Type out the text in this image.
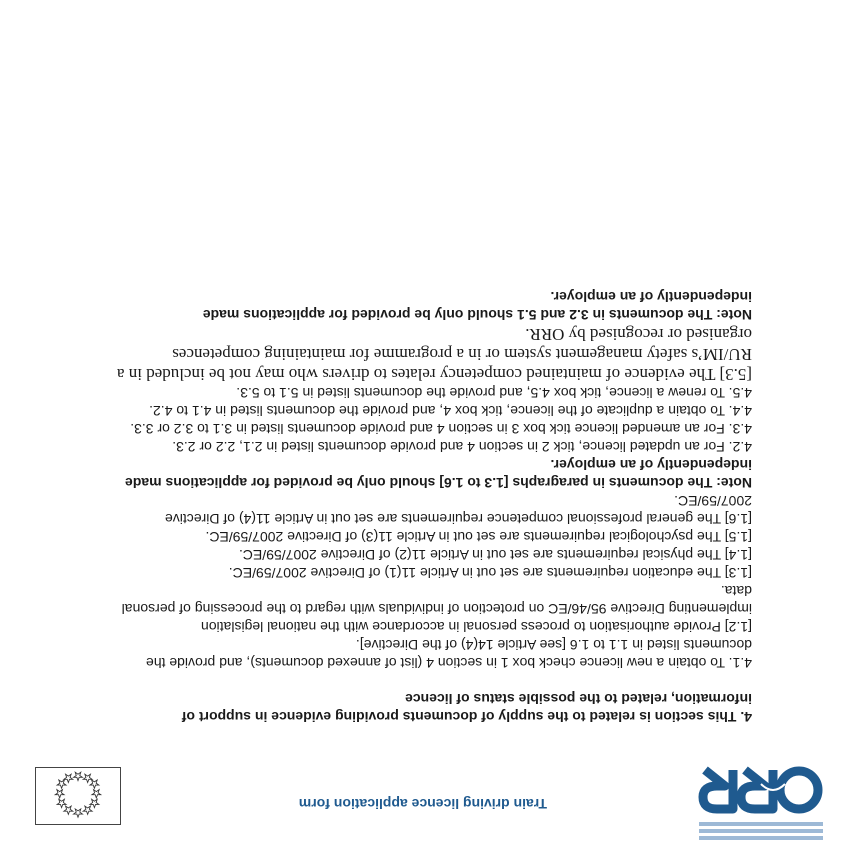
Train driving licence application form
4. This section is related to the supply of documents providing evidence in support of
information, related to the possible status of licence
4.1. To obtain a new licence check box 1 in section 4 (list of annexed documents), and provide the
documents listed in 1.1 to 1.6 [see Article 14(4) of the Directive].
[1.2] Provide authorisation to process personal in accordance with the national legislation
implementing Directive 95/46/EC on protection of individuals with regard to the processing of personal
data.
[1.3] The education requirements are set out in Article 11(1) of Directive 2007/59/EC.
[1.4] The physical requirements are set out in Article 11(2) of Directive 2007/59/EC.
[1.5] The psychological requirements are set out in Article 11(3) of Directive 2007/59/EC.
[1.6] The general professional competence requirements are set out in Article 11(4) of Directive
2007/59/EC.
Note: The documents in paragraphs [1.3 to 1.6] should only be provided for applications made
independently of an employer.
4.2. For an updated licence, tick 2 in section 4 and provide documents listed in 2.1, 2.2 or 2.3.
4.3. For an amended licence tick box 3 in section 4 and provide documents listed in 3.1 to 3.2 or 3.3.
4.4. To obtain a duplicate of the licence, tick box 4, and provide the documents listed in 4.1 to 4.2.
4.5. To renew a licence, tick box 4.5, and provide the documents listed in 5.1 to 5.3.
[5.3] The evidence of maintained competency relates to drivers who may not be included in a
RU/IM’s safety management system or in a programme for maintaining competences
organised or recognised by ORR.
Note: The documents in 3.2 and 5.1 should only be provided for applications made
independently of an employer.
